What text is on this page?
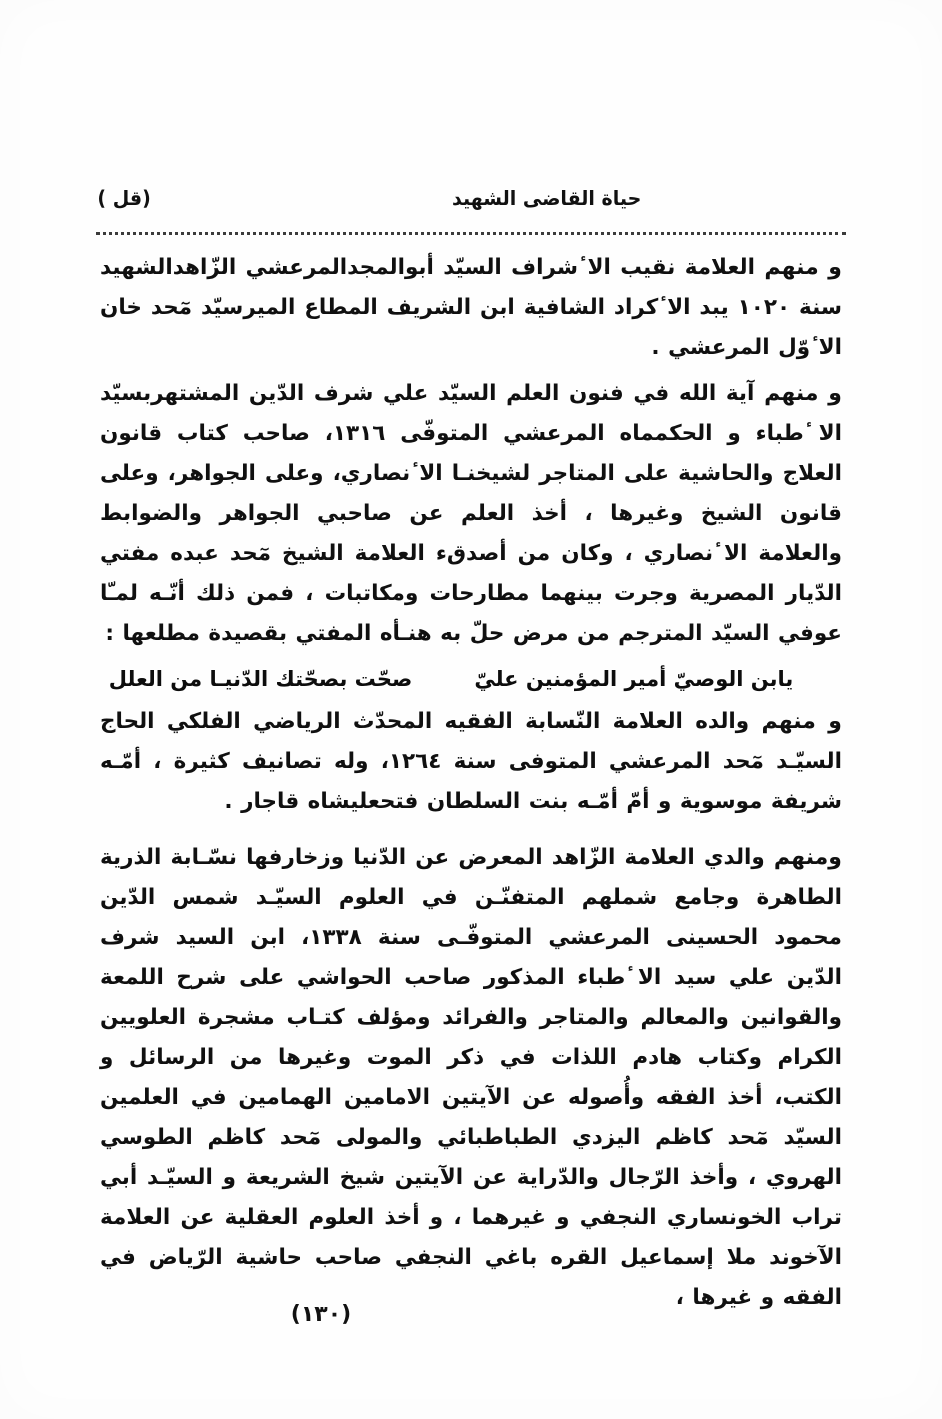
(قل )	حياة القاضى الشهيد

و منهم العلامة نقيب الا ٔشراف السيّد أبوالمجدالمرعشي الزّاهدالشهيد سنة ١٠٢٠ يبد الا ٔكراد الشافية ابن الشريف المطاع الميرسيّد مٓحد خان الا ٔوّل المرعشي .

و منهم آية الله في فنون العلم السيّد علي شرف الدّين المشتهربسيّد الا ٔطباء و الحكمماه المرعشي المتوفّى ١٣١٦، صاحب كتاب قانون العلاج والحاشية على المتاجر لشيخنـا الا ٔنصاري، وعلى الجواهر، وعلى قانون الشيخ وغيرها ، أخذ العلم عن صاحبي الجواهر والضوابط والعلامة الا ٔنصاري ، وكان من أصدقء العلامة الشيخ مٓحد عبده مفتي الدّيار المصرية وجرت بينهما مطارحات ومكاتبات ، فمن ذلك أنّـه لمـّا عوفي السيّد المترجم من مرض حلّ به هنـأه المفتي بقصيدة مطلعها :

صحّت بصحّتك الدّنيـا من العلل	يابن الوصيّ أمير المؤمنين عليّ

و منهم والده العلامة النّسابة الفقيه المحدّث الرياضي الفلكي الحاج السيّـد مٓحد المرعشي المتوفى سنة ١٢٦٤، وله تصانيف كثيرة ، أمّـه شريفة موسوية و أمّ أمّـه بنت السلطان فتحعليشاه قاجار .

ومنهم والدي العلامة الزّاهد المعرض عن الدّنيا وزخارفها نسّـابة الذرية الطاهرة وجامع شملهم المتفنّـن في العلوم السيّـد شمس الدّين محمود الحسينى المرعشي المتوفّـى سنة ١٣٣٨، ابن السيد شرف الدّين علي سيد الا ٔطباء المذكور صاحب الحواشي على شرح اللمعة والقوانين والمعالم والمتاجر والفرائد ومؤلف كتـاب مشجرة العلويين الكرام وكتاب هادم اللذات في ذكر الموت وغيرها من الرسائل و الكتب، أخذ الفقه وأُصوله عن الآيتين الامامين الهمامين في العلمين السيّد مٓحد كاظم اليزدي الطباطبائي والمولى مٓحد كاظم الطوسي الهروي ، وأخذ الرّجال والدّراية عن الآيتين شيخ الشريعة و السيّـد أبي تراب الخونساري النجفي و غيرهما ، و أخذ العلوم العقلية عن العلامة الآخوند ملا إسماعيل القره باغي النجفي صاحب حاشية الرّياض في الفقه و غيرها ،

(۱۳۰)
